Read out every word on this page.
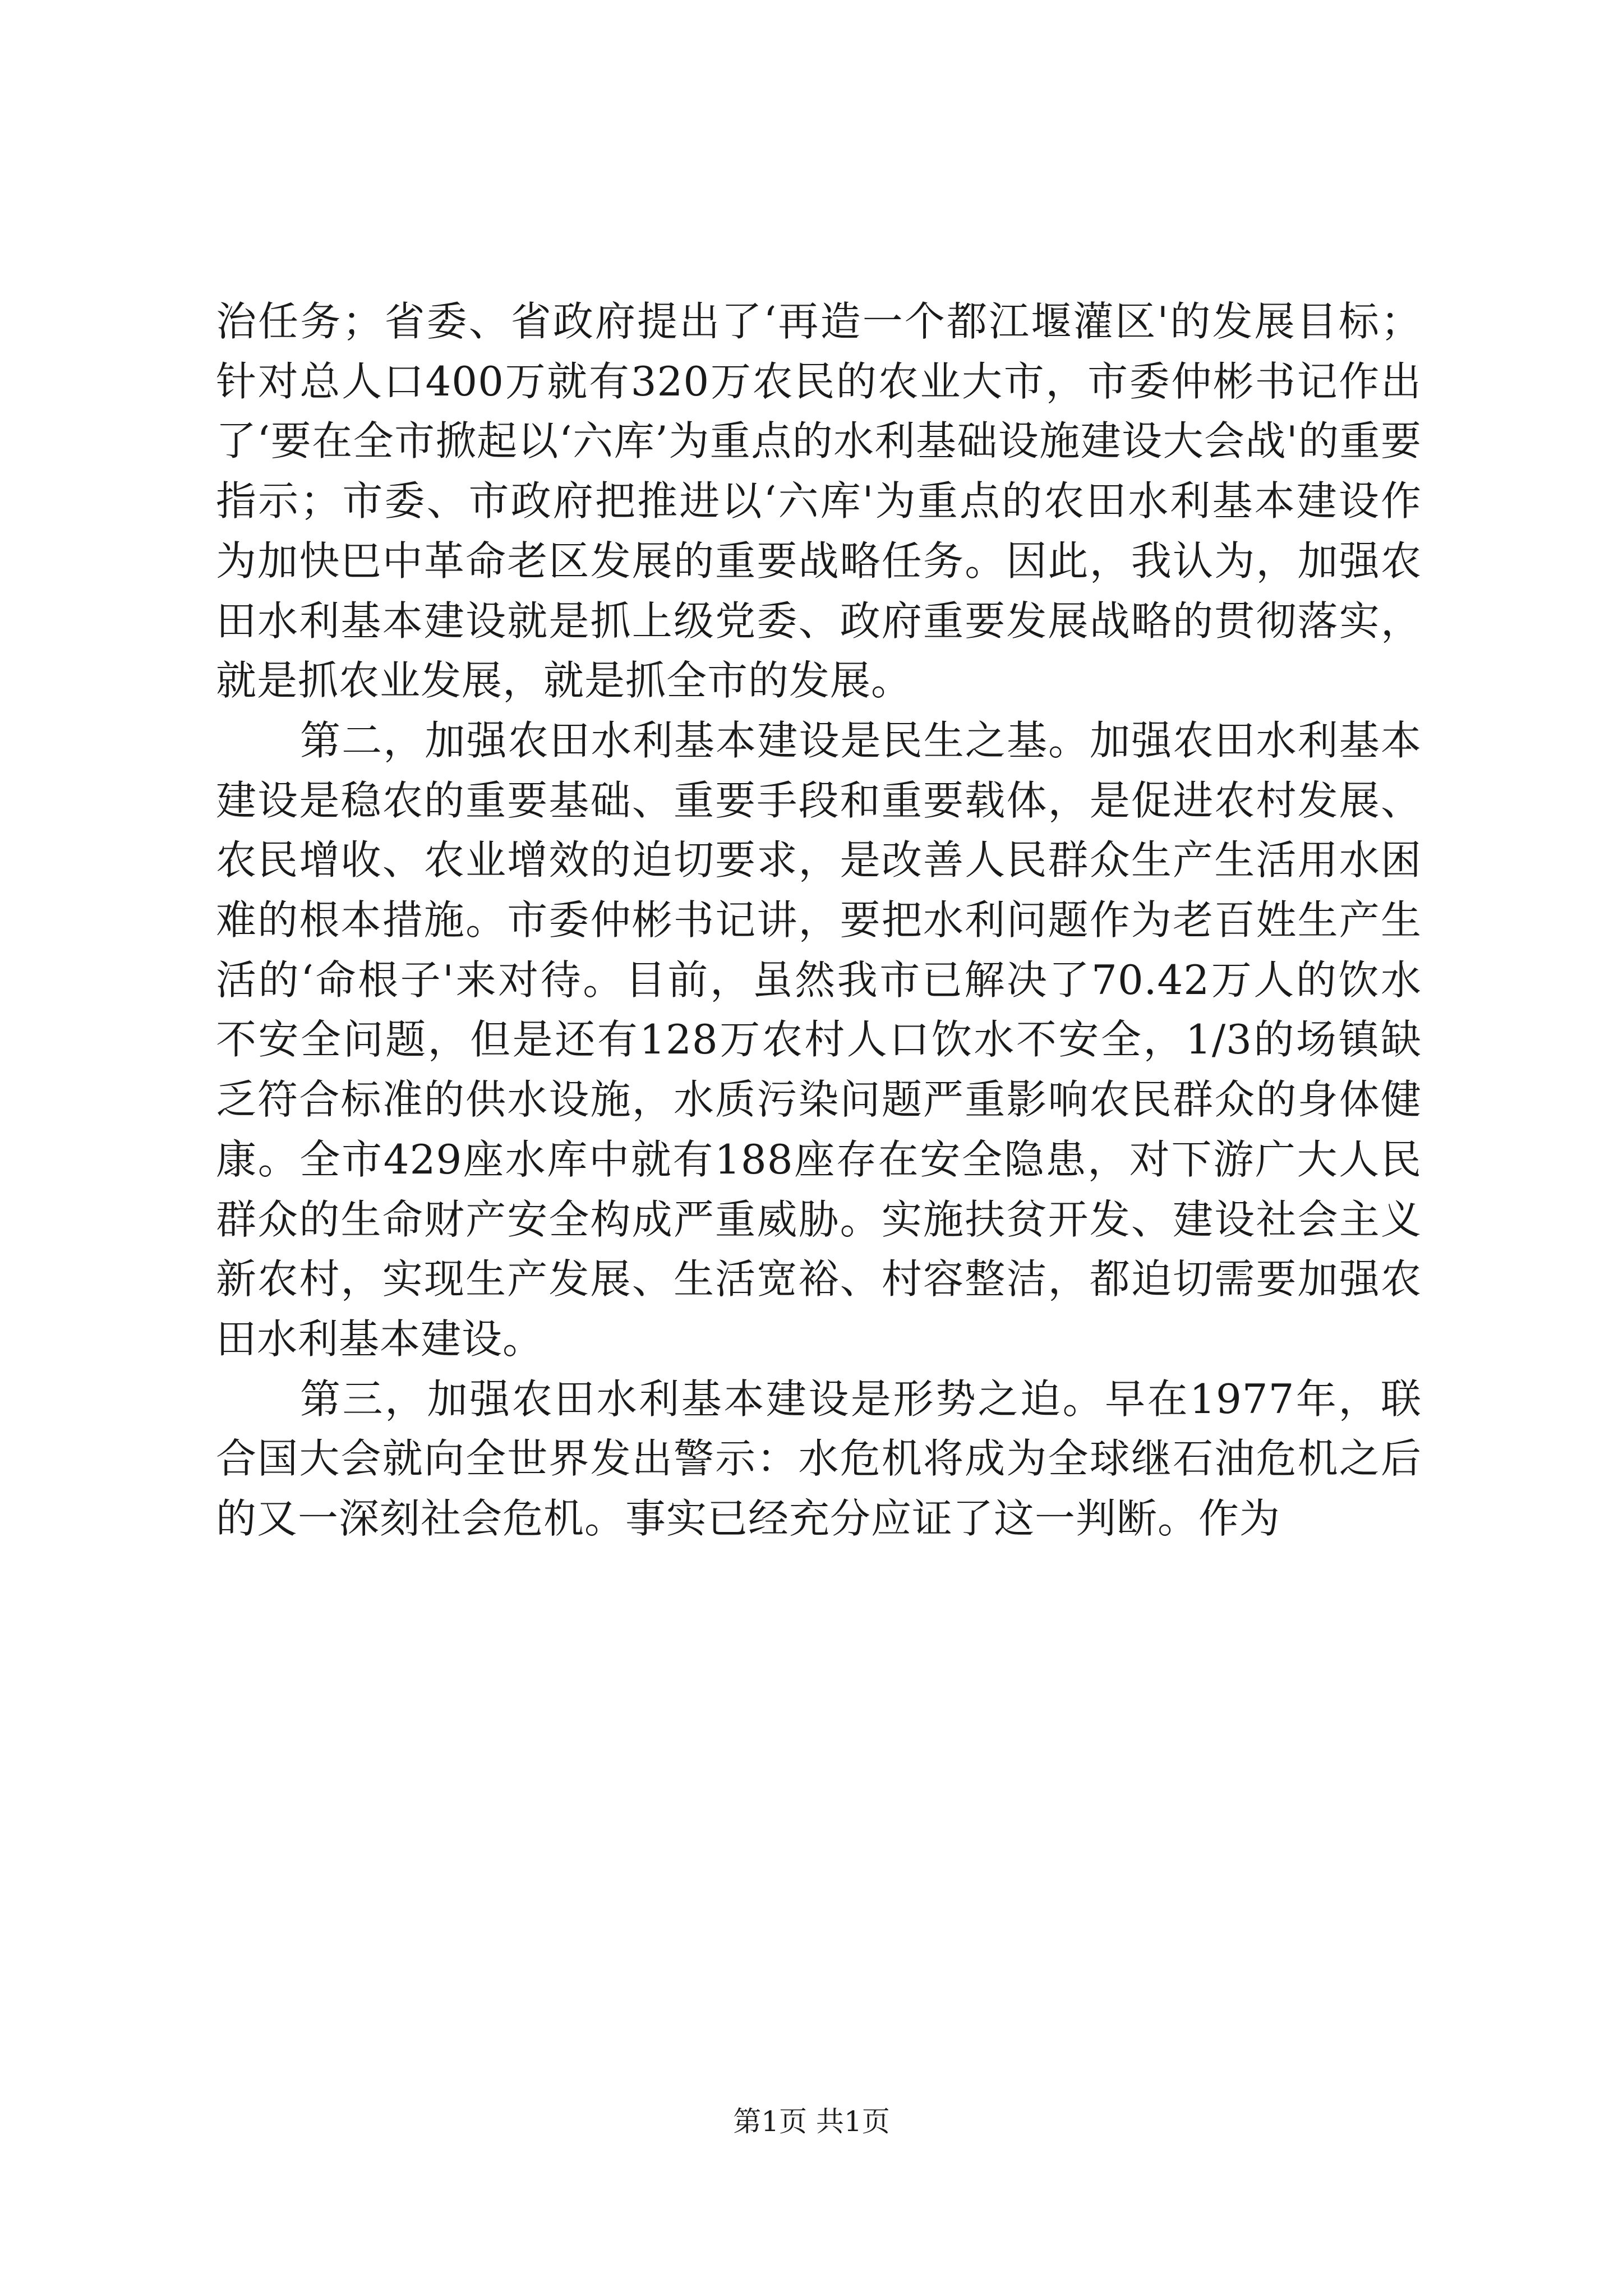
治任务；省委、省政府提出了‘再造一个都江堰灌区'的发展目标；针对总人口400万就有320万农民的农业大市，市委仲彬书记作出了‘要在全市掀起以‘六库’为重点的水利基础设施建设大会战'的重要指示；市委、市政府把推进以‘六库'为重点的农田水利基本建设作为加快巴中革命老区发展的重要战略任务。因此，我认为，加强农田水利基本建设就是抓上级党委、政府重要发展战略的贯彻落实，就是抓农业发展，就是抓全市的发展。

第二，加强农田水利基本建设是民生之基。加强农田水利基本建设是稳农的重要基础、重要手段和重要载体，是促进农村发展、农民增收、农业增效的迫切要求，是改善人民群众生产生活用水困难的根本措施。市委仲彬书记讲，要把水利问题作为老百姓生产生活的‘命根子'来对待。目前，虽然我市已解决了70.42万人的饮水不安全问题，但是还有128万农村人口饮水不安全，1/3的场镇缺乏符合标准的供水设施，水质污染问题严重影响农民群众的身体健康。全市429座水库中就有188座存在安全隐患，对下游广大人民群众的生命财产安全构成严重威胁。实施扶贫开发、建设社会主义新农村，实现生产发展、生活宽裕、村容整洁，都迫切需要加强农田水利基本建设。

第三，加强农田水利基本建设是形势之迫。早在1977年，联合国大会就向全世界发出警示：水危机将成为全球继石油危机之后的又一深刻社会危机。事实已经充分应证了这一判断。作为

第1页 共1页
